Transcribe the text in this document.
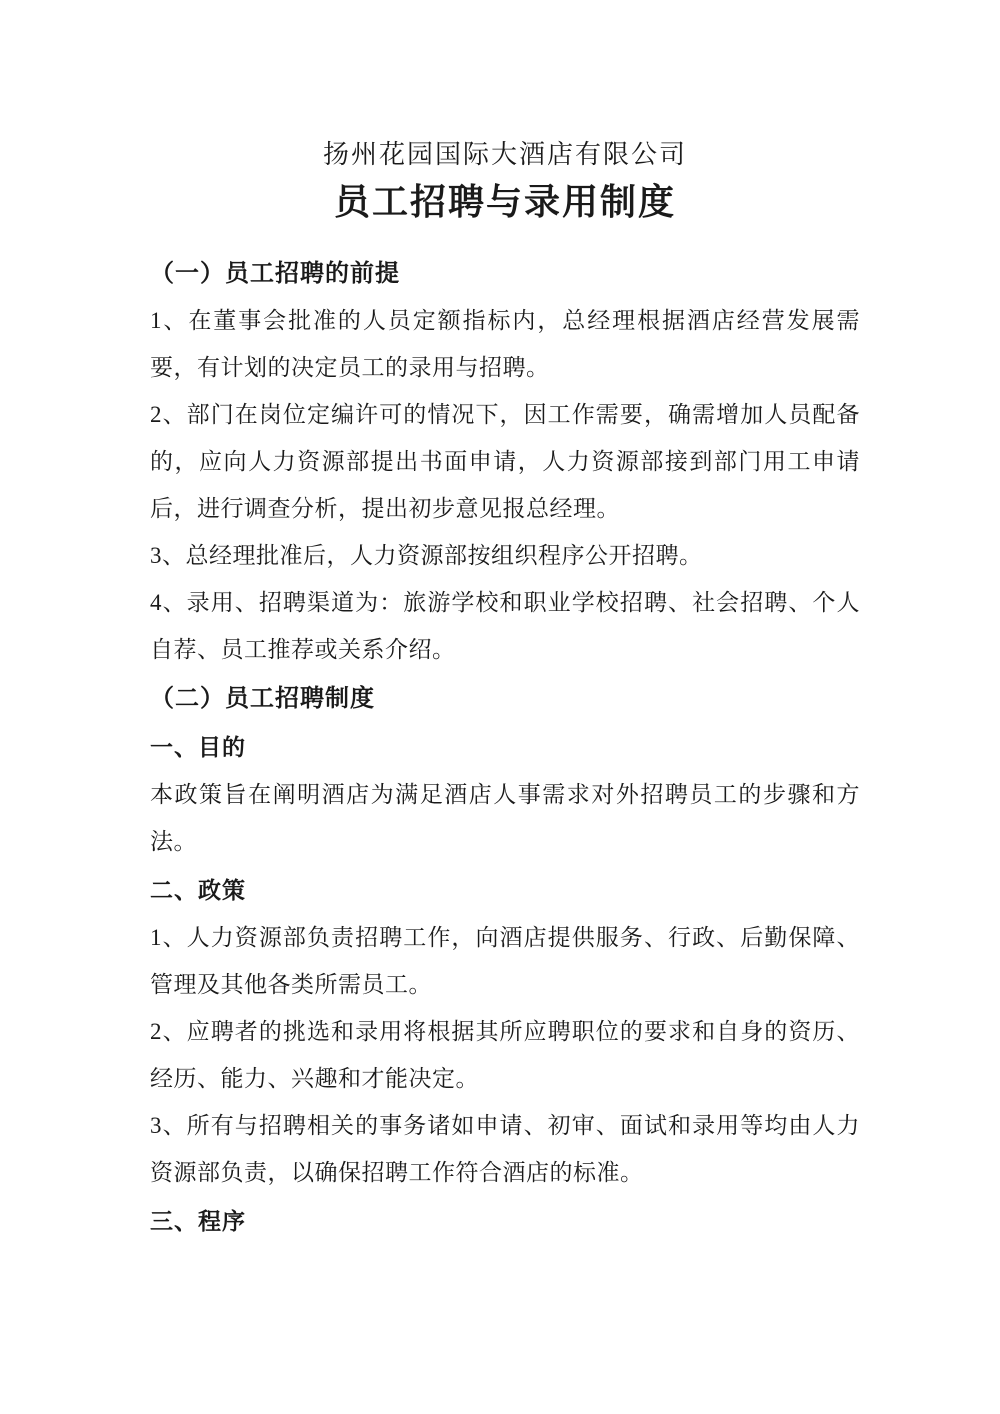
扬州花园国际大酒店有限公司
员工招聘与录用制度
（一）员工招聘的前提
1、在董事会批准的人员定额指标内，总经理根据酒店经营发展需要，有计划的决定员工的录用与招聘。
2、部门在岗位定编许可的情况下，因工作需要，确需增加人员配备的，应向人力资源部提出书面申请，人力资源部接到部门用工申请后，进行调查分析，提出初步意见报总经理。
3、总经理批准后，人力资源部按组织程序公开招聘。
4、录用、招聘渠道为：旅游学校和职业学校招聘、社会招聘、个人自荐、员工推荐或关系介绍。
（二）员工招聘制度
一、目的
本政策旨在阐明酒店为满足酒店人事需求对外招聘员工的步骤和方法。
二、政策
1、人力资源部负责招聘工作，向酒店提供服务、行政、后勤保障、管理及其他各类所需员工。
2、应聘者的挑选和录用将根据其所应聘职位的要求和自身的资历、经历、能力、兴趣和才能决定。
3、所有与招聘相关的事务诸如申请、初审、面试和录用等均由人力资源部负责，以确保招聘工作符合酒店的标准。
三、程序
